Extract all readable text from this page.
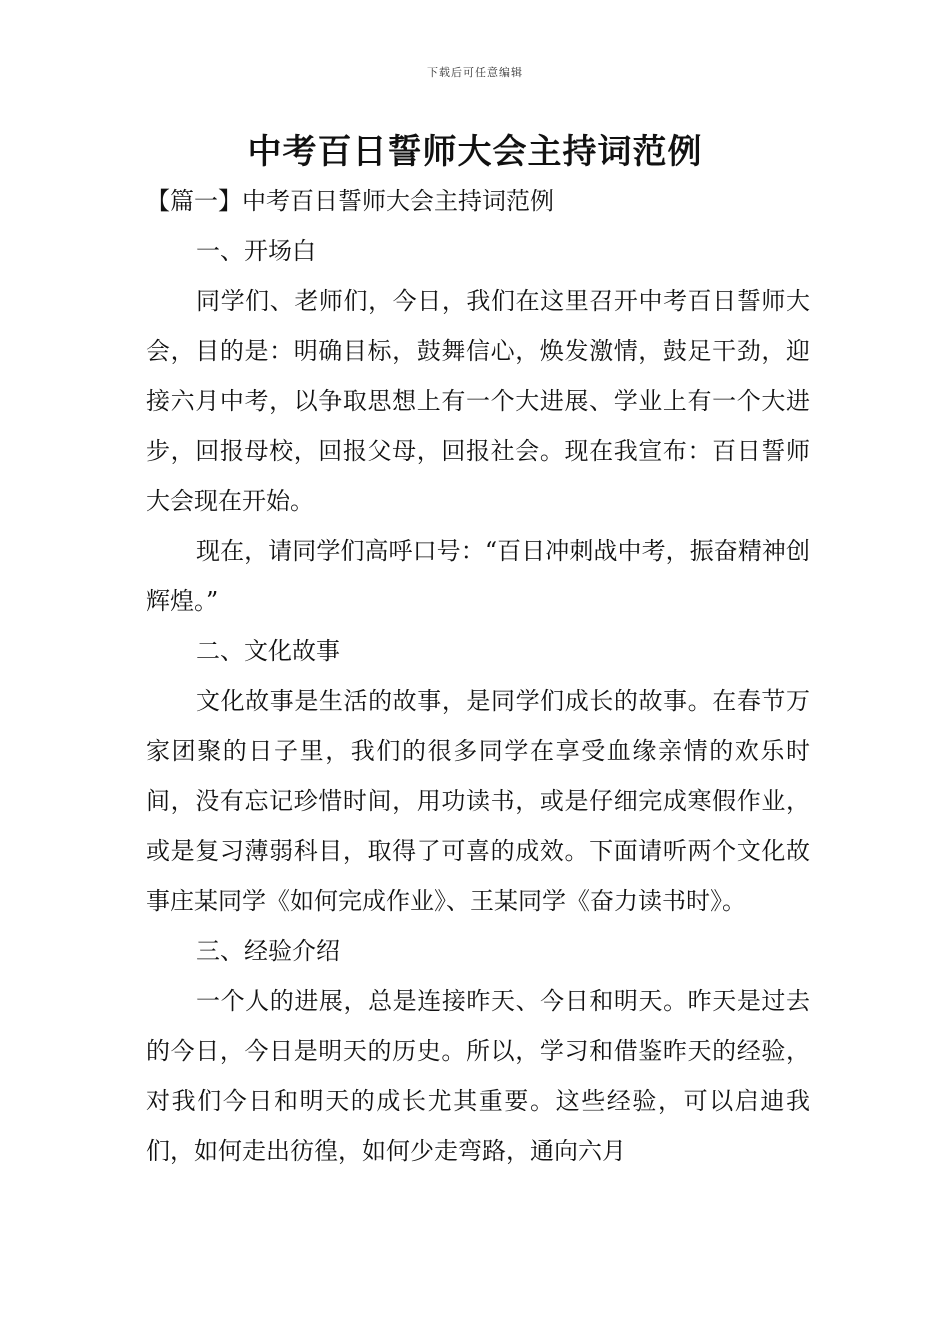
下载后可任意编辑
中考百日誓师大会主持词范例

【篇一】中考百日誓师大会主持词范例

一、开场白

同学们、老师们，今日，我们在这里召开中考百日誓师大会，目的是：明确目标，鼓舞信心，焕发激情，鼓足干劲，迎接六月中考，以争取思想上有一个大进展、学业上有一个大进步，回报母校，回报父母，回报社会。现在我宣布：百日誓师大会现在开始。

现在，请同学们高呼口号：“百日冲刺战中考，振奋精神创辉煌。”

二、文化故事

文化故事是生活的故事，是同学们成长的故事。在春节万家团聚的日子里，我们的很多同学在享受血缘亲情的欢乐时间，没有忘记珍惜时间，用功读书，或是仔细完成寒假作业，或是复习薄弱科目，取得了可喜的成效。下面请听两个文化故事庄某同学《如何完成作业》、王某同学《奋力读书时》。

三、经验介绍

一个人的进展，总是连接昨天、今日和明天。昨天是过去的今日，今日是明天的历史。所以，学习和借鉴昨天的经验，对我们今日和明天的成长尤其重要。这些经验，可以启迪我们，如何走出彷徨，如何少走弯路，通向六月
